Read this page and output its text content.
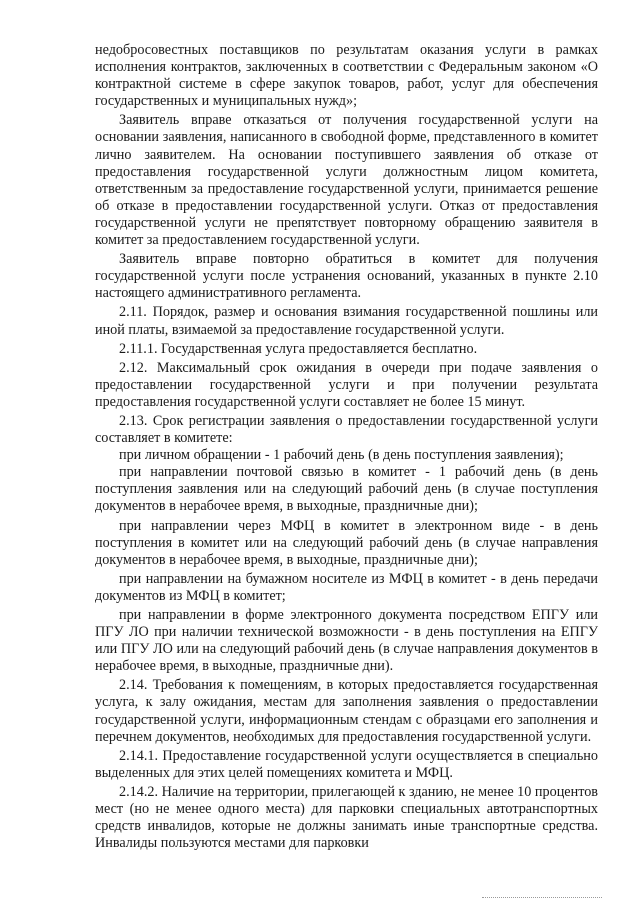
недобросовестных поставщиков по результатам оказания услуги в рамках исполнения контрактов, заключенных в соответствии с Федеральным законом «О контрактной системе в сфере закупок товаров, работ, услуг для обеспечения государственных и муниципальных нужд»;

Заявитель вправе отказаться от получения государственной услуги на основании заявления, написанного в свободной форме, представленного в комитет лично заявителем. На основании поступившего заявления об отказе от предоставления государственной услуги должностным лицом комитета, ответственным за предоставление государственной услуги, принимается решение об отказе в предоставлении государственной услуги. Отказ от предоставления государственной услуги не препятствует повторному обращению заявителя в комитет за предоставлением государственной услуги.

Заявитель вправе повторно обратиться в комитет для получения государственной услуги после устранения оснований, указанных в пункте 2.10 настоящего административного регламента.

2.11. Порядок, размер и основания взимания государственной пошлины или иной платы, взимаемой за предоставление государственной услуги.

2.11.1. Государственная услуга предоставляется бесплатно.

2.12. Максимальный срок ожидания в очереди при подаче заявления о предоставлении государственной услуги и при получении результата предоставления государственной услуги составляет не более 15 минут.

2.13. Срок регистрации заявления о предоставлении государственной услуги составляет в комитете:

при личном обращении - 1 рабочий день (в день поступления заявления);

при направлении почтовой связью в комитет - 1 рабочий день (в день поступления заявления или на следующий рабочий день (в случае поступления документов в нерабочее время, в выходные, праздничные дни);

при направлении через МФЦ в комитет в электронном виде - в день поступления в комитет или на следующий рабочий день (в случае направления документов в нерабочее время, в выходные, праздничные дни);

при направлении на бумажном носителе из МФЦ в комитет - в день передачи документов из МФЦ в комитет;

при направлении в форме электронного документа посредством ЕПГУ или ПГУ ЛО при наличии технической возможности - в день поступления на ЕПГУ или ПГУ ЛО или на следующий рабочий день (в случае направления документов в нерабочее время, в выходные, праздничные дни).

2.14. Требования к помещениям, в которых предоставляется государственная услуга, к залу ожидания, местам для заполнения заявления о предоставлении государственной услуги, информационным стендам с образцами его заполнения и перечнем документов, необходимых для предоставления государственной услуги.

2.14.1. Предоставление государственной услуги осуществляется в специально выделенных для этих целей помещениях комитета и МФЦ.

2.14.2. Наличие на территории, прилегающей к зданию, не менее 10 процентов мест (но не менее одного места) для парковки специальных автотранспортных средств инвалидов, которые не должны занимать иные транспортные средства. Инвалиды пользуются местами для парковки
